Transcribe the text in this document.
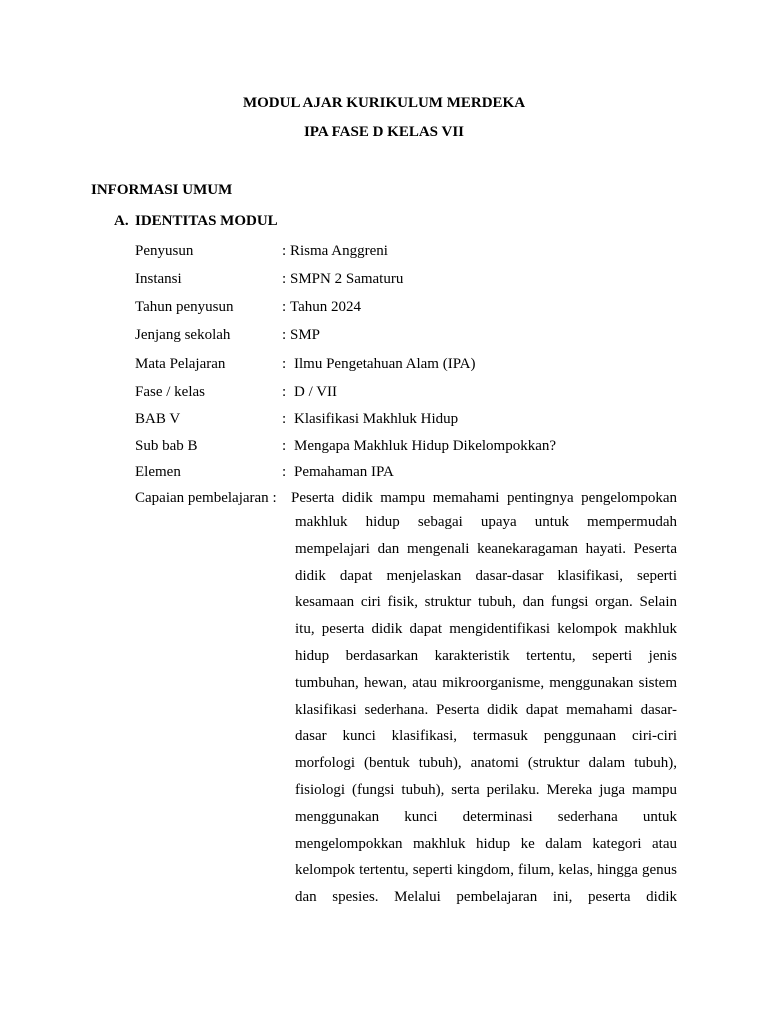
MODUL AJAR KURIKULUM MERDEKA
IPA FASE D KELAS VII
INFORMASI UMUM
A. IDENTITAS MODUL
Penyusun	: Risma Anggreni
Instansi	: SMPN 2 Samaturu
Tahun penyusun	: Tahun 2024
Jenjang sekolah	: SMP
Mata Pelajaran	: Ilmu Pengetahuan Alam (IPA)
Fase / kelas	: D / VII
BAB V	: Klasifikasi Makhluk Hidup
Sub bab B	: Mengapa Makhluk Hidup Dikelompokkan?
Elemen	: Pemahaman IPA
Capaian pembelajaran : Peserta didik mampu memahami pentingnya pengelompokan
makhluk hidup sebagai upaya untuk mempermudah
mempelajari dan mengenali keanekaragaman hayati. Peserta
didik dapat menjelaskan dasar-dasar klasifikasi, seperti
kesamaan ciri fisik, struktur tubuh, dan fungsi organ. Selain
itu, peserta didik dapat mengidentifikasi kelompok makhluk
hidup berdasarkan karakteristik tertentu, seperti jenis
tumbuhan, hewan, atau mikroorganisme, menggunakan sistem
klasifikasi sederhana. Peserta didik dapat memahami dasar-
dasar kunci klasifikasi, termasuk penggunaan ciri-ciri
morfologi (bentuk tubuh), anatomi (struktur dalam tubuh),
fisiologi (fungsi tubuh), serta perilaku. Mereka juga mampu
menggunakan kunci determinasi sederhana untuk
mengelompokkan makhluk hidup ke dalam kategori atau
kelompok tertentu, seperti kingdom, filum, kelas, hingga genus
dan spesies. Melalui pembelajaran ini, peserta didik
